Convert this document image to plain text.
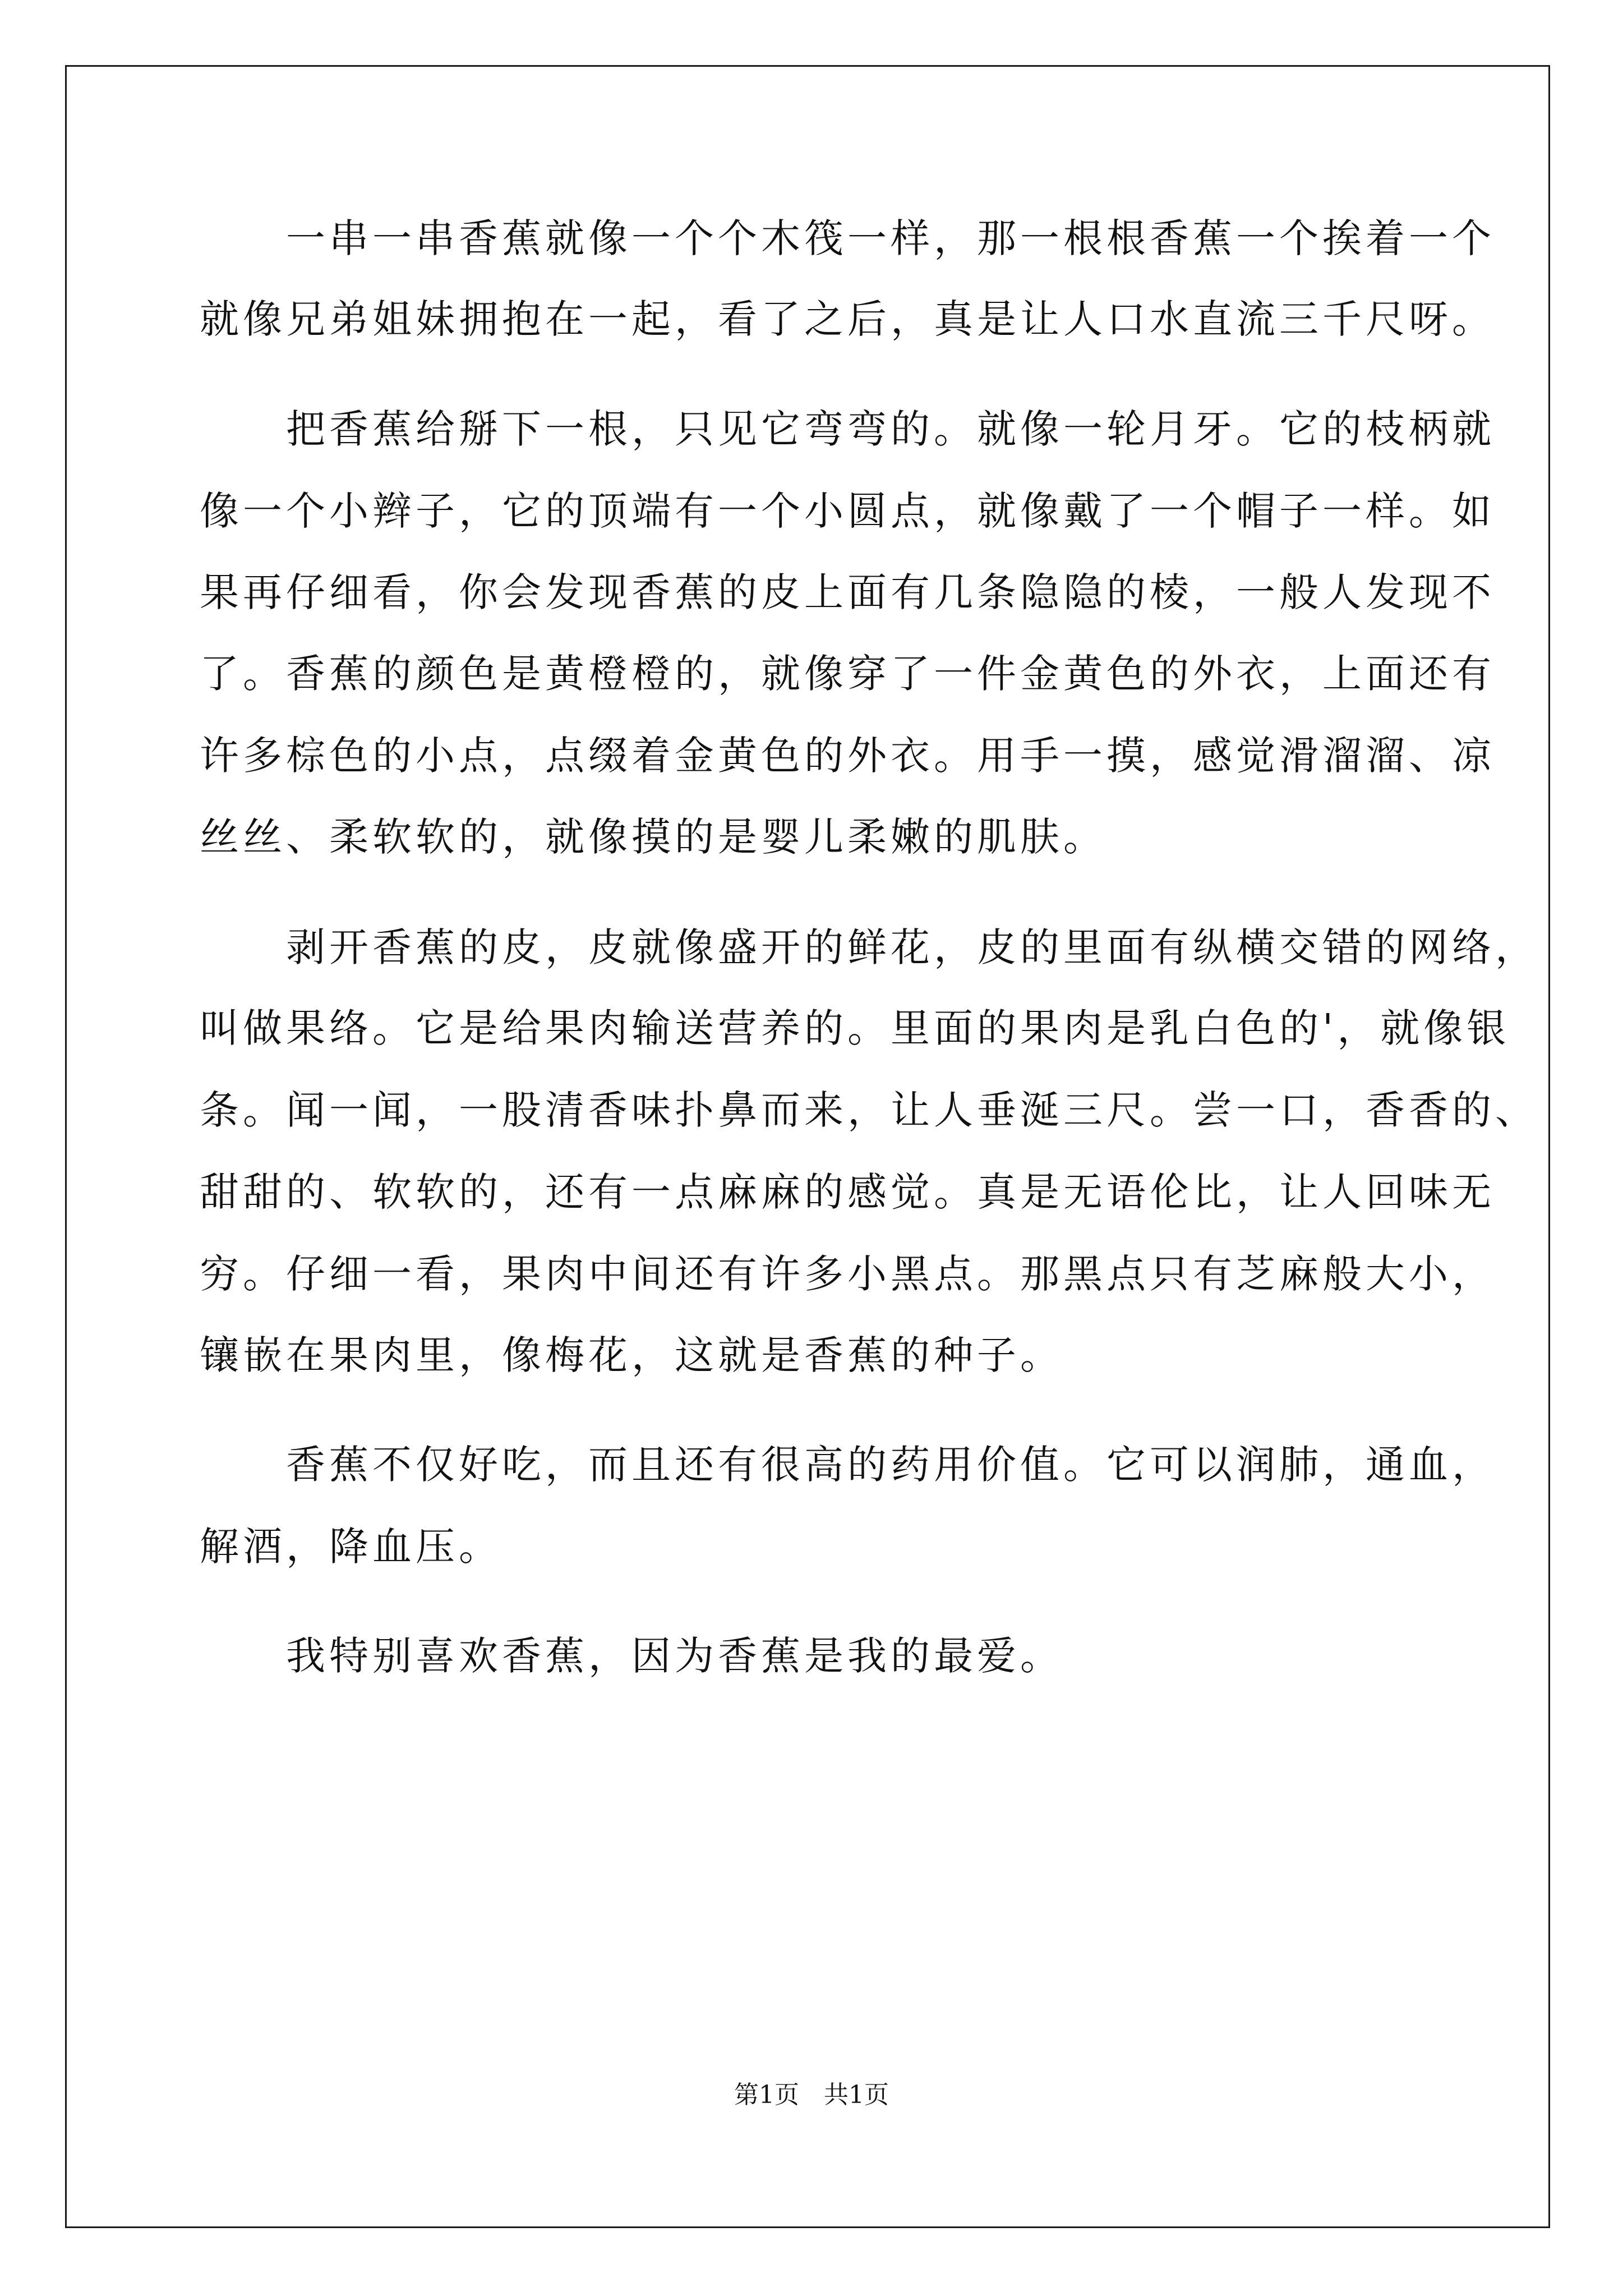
　　一串一串香蕉就像一个个木筏一样，那一根根香蕉一个挨着一个
就像兄弟姐妹拥抱在一起，看了之后，真是让人口水直流三千尺呀。
　　把香蕉给掰下一根，只见它弯弯的。就像一轮月牙。它的枝柄就
像一个小辫子，它的顶端有一个小圆点，就像戴了一个帽子一样。如
果再仔细看，你会发现香蕉的皮上面有几条隐隐的棱，一般人发现不
了。香蕉的颜色是黄橙橙的，就像穿了一件金黄色的外衣，上面还有
许多棕色的小点，点缀着金黄色的外衣。用手一摸，感觉滑溜溜、凉
丝丝、柔软软的，就像摸的是婴儿柔嫩的肌肤。
　　剥开香蕉的皮，皮就像盛开的鲜花，皮的里面有纵横交错的网络，
叫做果络。它是给果肉输送营养的。里面的果肉是乳白色的'，就像银
条。闻一闻，一股清香味扑鼻而来，让人垂涎三尺。尝一口，香香的、
甜甜的、软软的，还有一点麻麻的感觉。真是无语伦比，让人回味无
穷。仔细一看，果肉中间还有许多小黑点。那黑点只有芝麻般大小，
镶嵌在果肉里，像梅花，这就是香蕉的种子。
　　香蕉不仅好吃，而且还有很高的药用价值。它可以润肺，通血，
解酒，降血压。
　　我特别喜欢香蕉，因为香蕉是我的最爱。
第1页　共1页
